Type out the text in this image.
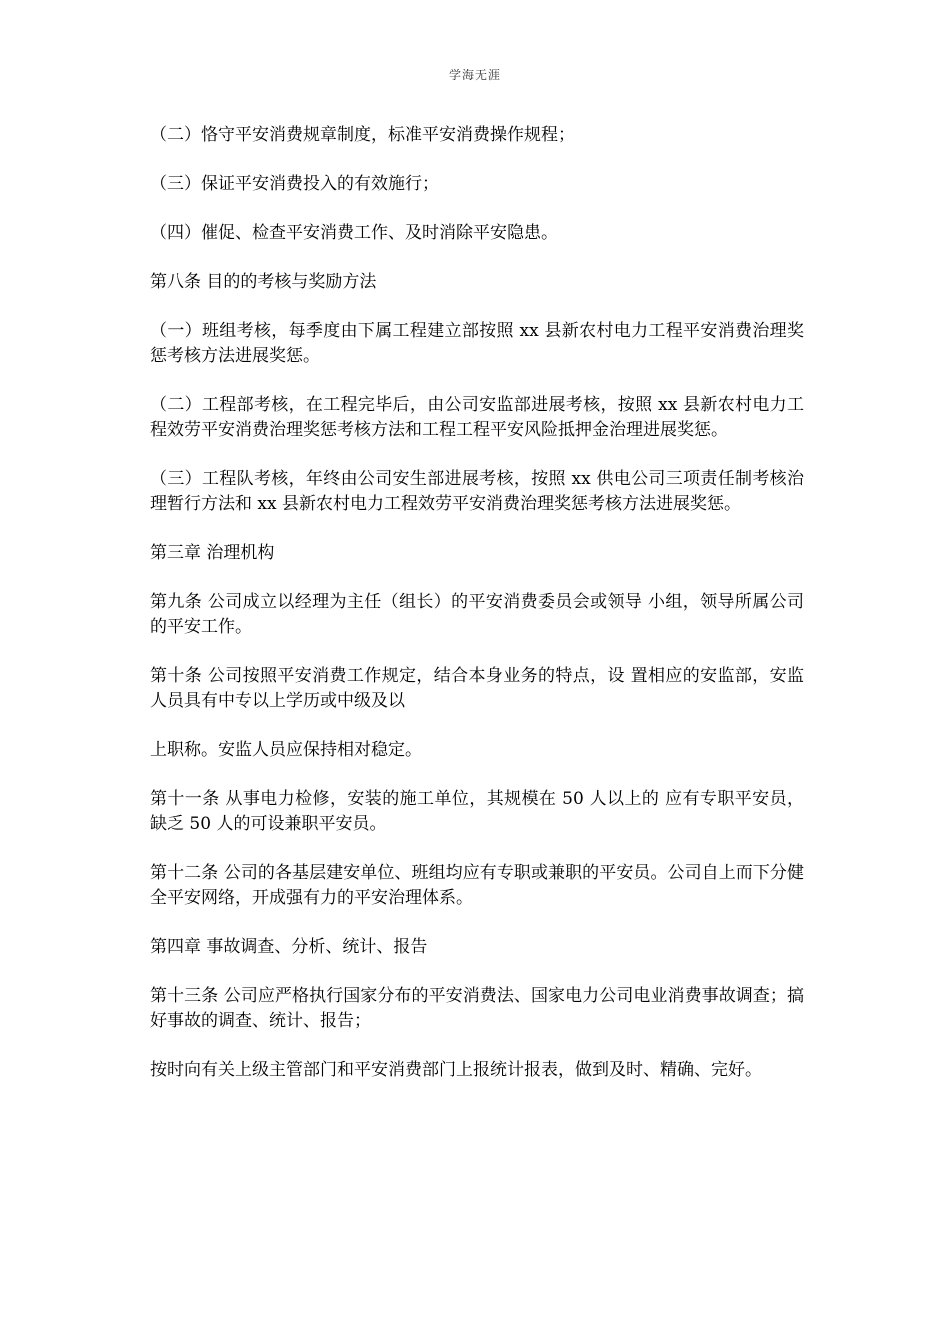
学海无涯

（二）恪守平安消费规章制度，标准平安消费操作规程；

（三）保证平安消费投入的有效施行；

（四）催促、检查平安消费工作、及时消除平安隐患。

第八条 目的的考核与奖励方法

（一）班组考核，每季度由下属工程建立部按照 xx 县新农村电力工程平安消费治理奖惩考核方法进展奖惩。

（二）工程部考核，在工程完毕后，由公司安监部进展考核，按照 xx 县新农村电力工程效劳平安消费治理奖惩考核方法和工程工程平安风险抵押金治理进展奖惩。

（三）工程队考核，年终由公司安生部进展考核，按照 xx 供电公司三项责任制考核治理暂行方法和 xx 县新农村电力工程效劳平安消费治理奖惩考核方法进展奖惩。

第三章 治理机构

第九条 公司成立以经理为主任（组长）的平安消费委员会或领导 小组，领导所属公司的平安工作。

第十条 公司按照平安消费工作规定，结合本身业务的特点，设 置相应的安监部，安监人员具有中专以上学历或中级及以

上职称。安监人员应保持相对稳定。

第十一条 从事电力检修，安装的施工单位，其规模在 50 人以上的 应有专职平安员，缺乏 50 人的可设兼职平安员。

第十二条 公司的各基层建安单位、班组均应有专职或兼职的平安员。公司自上而下分健全平安网络，开成强有力的平安治理体系。

第四章 事故调查、分析、统计、报告

第十三条 公司应严格执行国家分布的平安消费法、国家电力公司电业消费事故调查；搞好事故的调查、统计、报告；

按时向有关上级主管部门和平安消费部门上报统计报表，做到及时、精确、完好。
